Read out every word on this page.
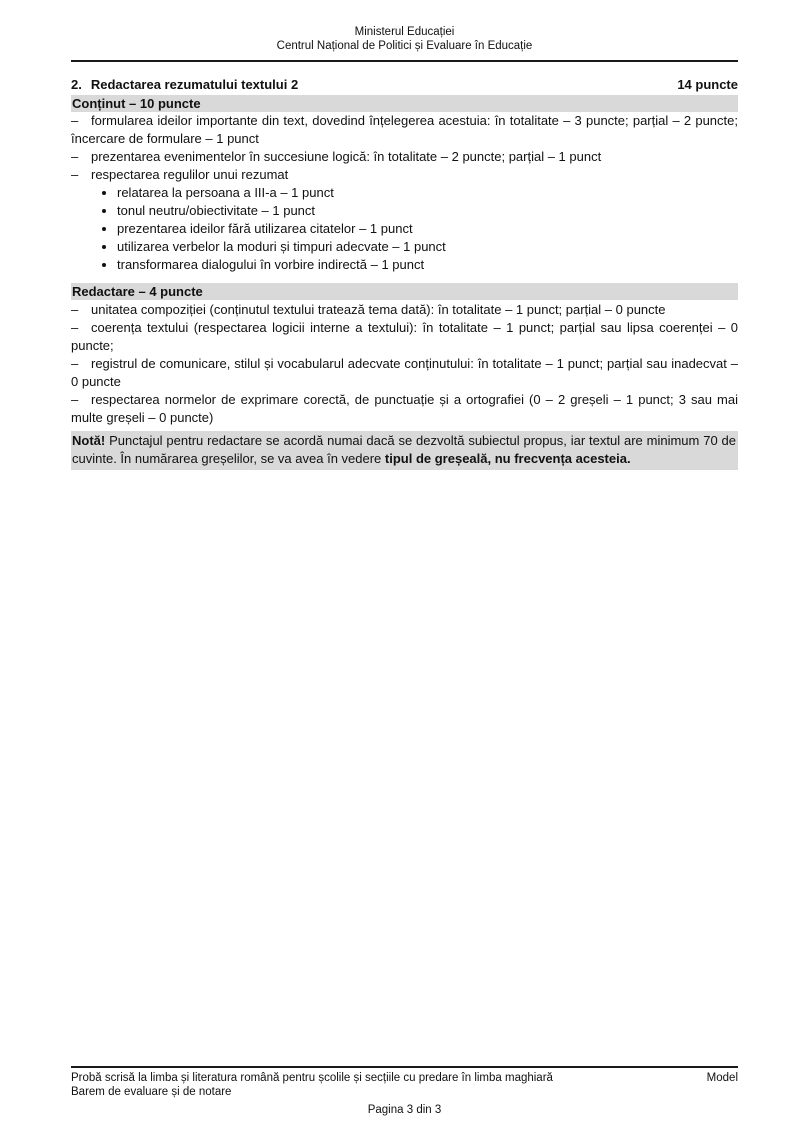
Ministerul Educației
Centrul Național de Politici și Evaluare în Educație
2. Redactarea rezumatului textului 2	14 puncte
Conținut – 10 puncte

– formularea ideilor importante din text, dovedind înțelegerea acestuia: în totalitate – 3 puncte; parțial – 2 puncte; încercare de formulare – 1 punct

– prezentarea evenimentelor în succesiune logică: în totalitate – 2 puncte; parțial – 1 punct

– respectarea regulilor unui rezumat

• relatarea la persoana a III-a – 1 punct
• tonul neutru/obiectivitate – 1 punct
• prezentarea ideilor fără utilizarea citatelor – 1 punct
• utilizarea verbelor la moduri și timpuri adecvate – 1 punct
• transformarea dialogului în vorbire indirectă – 1 punct
Redactare – 4 puncte

– unitatea compoziției (conținutul textului tratează tema dată): în totalitate – 1 punct; parțial – 0 puncte

– coerența textului (respectarea logicii interne a textului): în totalitate – 1 punct; parțial sau lipsa coerenței – 0 puncte;

– registrul de comunicare, stilul și vocabularul adecvate conținutului: în totalitate – 1 punct; parțial sau inadecvat – 0 puncte

– respectarea normelor de exprimare corectă, de punctuație și a ortografiei (0 – 2 greșeli – 1 punct; 3 sau mai multe greșeli – 0 puncte)

Notă! Punctajul pentru redactare se acordă numai dacă se dezvoltă subiectul propus, iar textul are minimum 70 de cuvinte. În numărarea greșelilor, se va avea în vedere tipul de greșeală, nu frecvența acesteia.
Probă scrisă la limba și literatura română pentru școlile și secțiile cu predare în limba maghiară	Model
Barem de evaluare și de notare
Pagina 3 din 3
